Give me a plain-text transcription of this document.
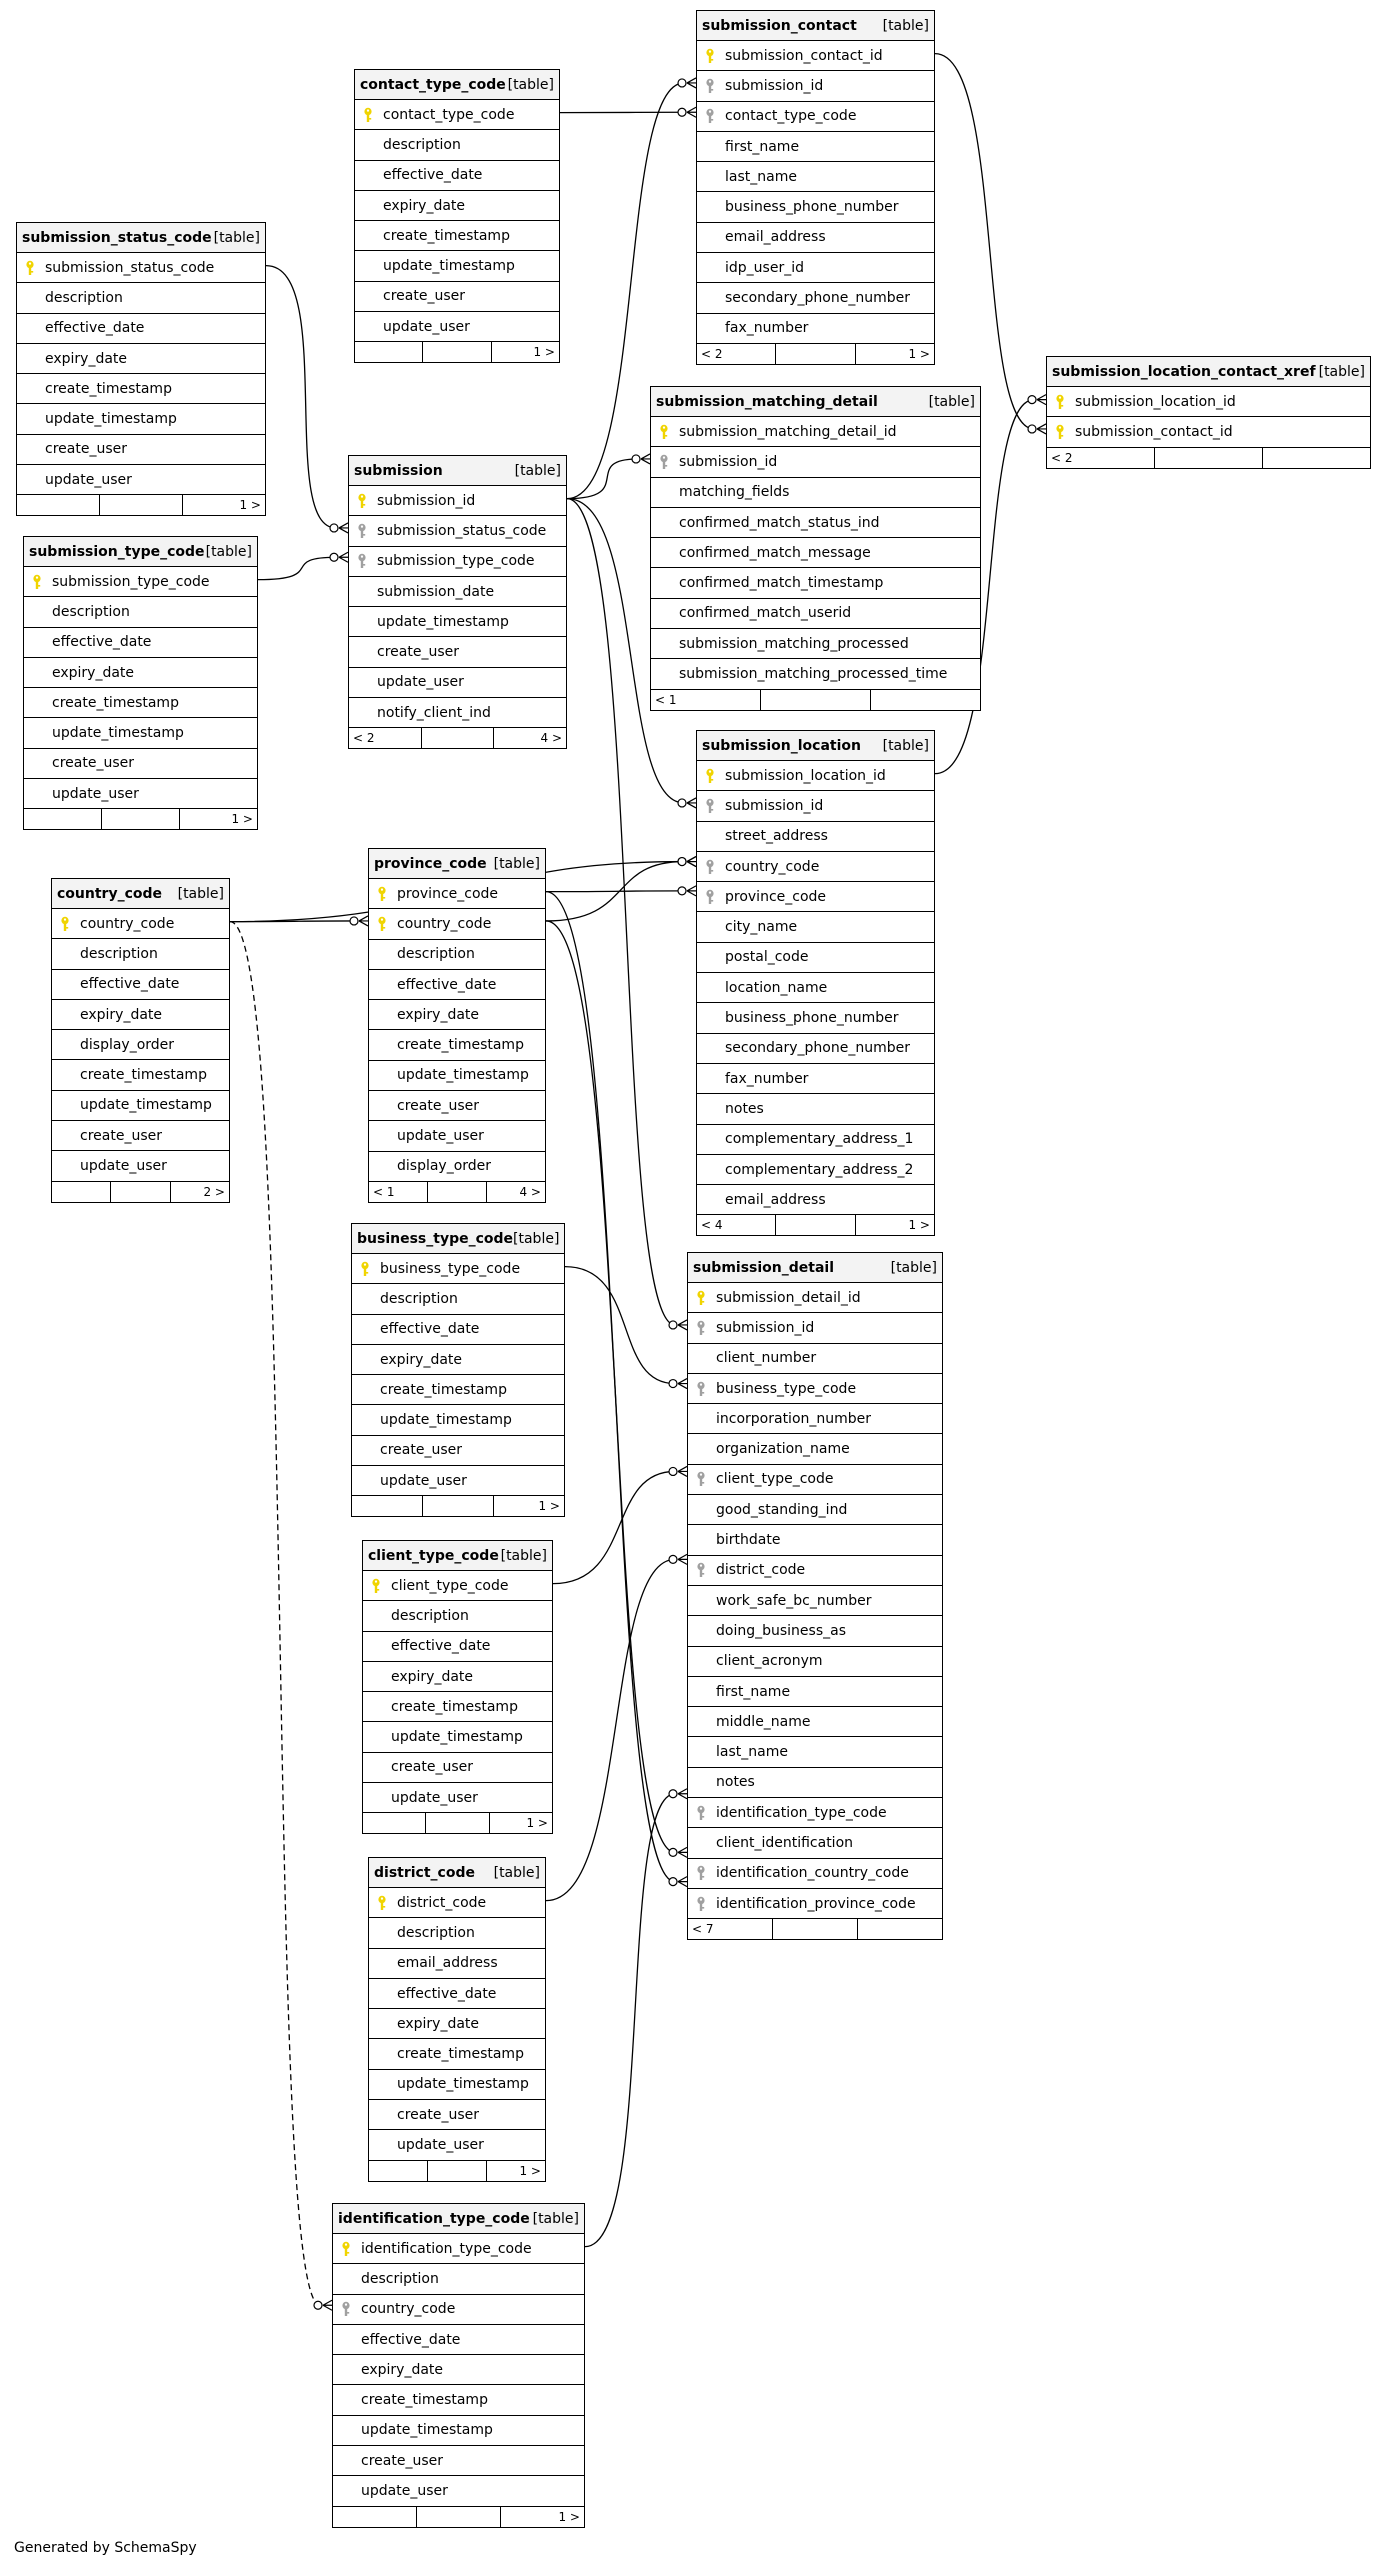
contact_type_code [table]
contact_type_code
description
effective_date
expiry_date
create_timestamp
update_timestamp
create_user
update_user
1 >
submission_contact [table]
submission_contact_id
submission_id
contact_type_code
first_name
last_name
business_phone_number
email_address
idp_user_id
secondary_phone_number
fax_number
< 2	1 >
submission_status_code [table]
submission_status_code
description
effective_date
expiry_date
create_timestamp
update_timestamp
create_user
update_user
1 >
submission_location_contact_xref [table]
submission_location_id
submission_contact_id
< 2
submission_matching_detail	[table]
submission_matching_detail_id
submission_id
matching_fields
confirmed_match_status_ind
confirmed_match_message
confirmed_match_timestamp
confirmed_match_userid
submission_matching_processed
submission_matching_processed_time
< 1
submission	[table]
submission_id
submission_status_code
submission_type_code
submission_date
update_timestamp
create_user
update_user
notify_client_ind
< 2	4 >
submission_type_code [table]
submission_type_code
description
effective_date
expiry_date
create_timestamp
update_timestamp
create_user
update_user
1 >
submission_location [table]
submission_location_id
submission_id
street_address
country_code
province_code
city_name
postal_code
location_name
business_phone_number
secondary_phone_number
fax_number
notes
complementary_address_1
complementary_address_2
email_address
< 4	1 >
country_code [table]
country_code
description
effective_date
expiry_date
display_order
create_timestamp
update_timestamp
create_user
update_user
2 >
province_code [table]
province_code
country_code
description
effective_date
expiry_date
create_timestamp
update_timestamp
create_user
update_user
display_order
< 1	4 >
business_type_code [table]
business_type_code
description
effective_date
expiry_date
create_timestamp
update_timestamp
create_user
update_user
1 >
submission_detail	[table]
submission_detail_id
submission_id
client_number
business_type_code
incorporation_number
organization_name
client_type_code
good_standing_ind
birthdate
district_code
work_safe_bc_number
doing_business_as
client_acronym
first_name
middle_name
last_name
notes
identification_type_code
client_identification
identification_country_code
identification_province_code
< 7
client_type_code [table]
client_type_code
description
effective_date
expiry_date
create_timestamp
update_timestamp
create_user
update_user
1 >
district_code [table]
district_code
description
email_address
effective_date
expiry_date
create_timestamp
update_timestamp
create_user
update_user
1 >
identification_type_code [table]
identification_type_code
description
country_code
effective_date
expiry_date
create_timestamp
update_timestamp
create_user
update_user
1 >
Generated by SchemaSpy
